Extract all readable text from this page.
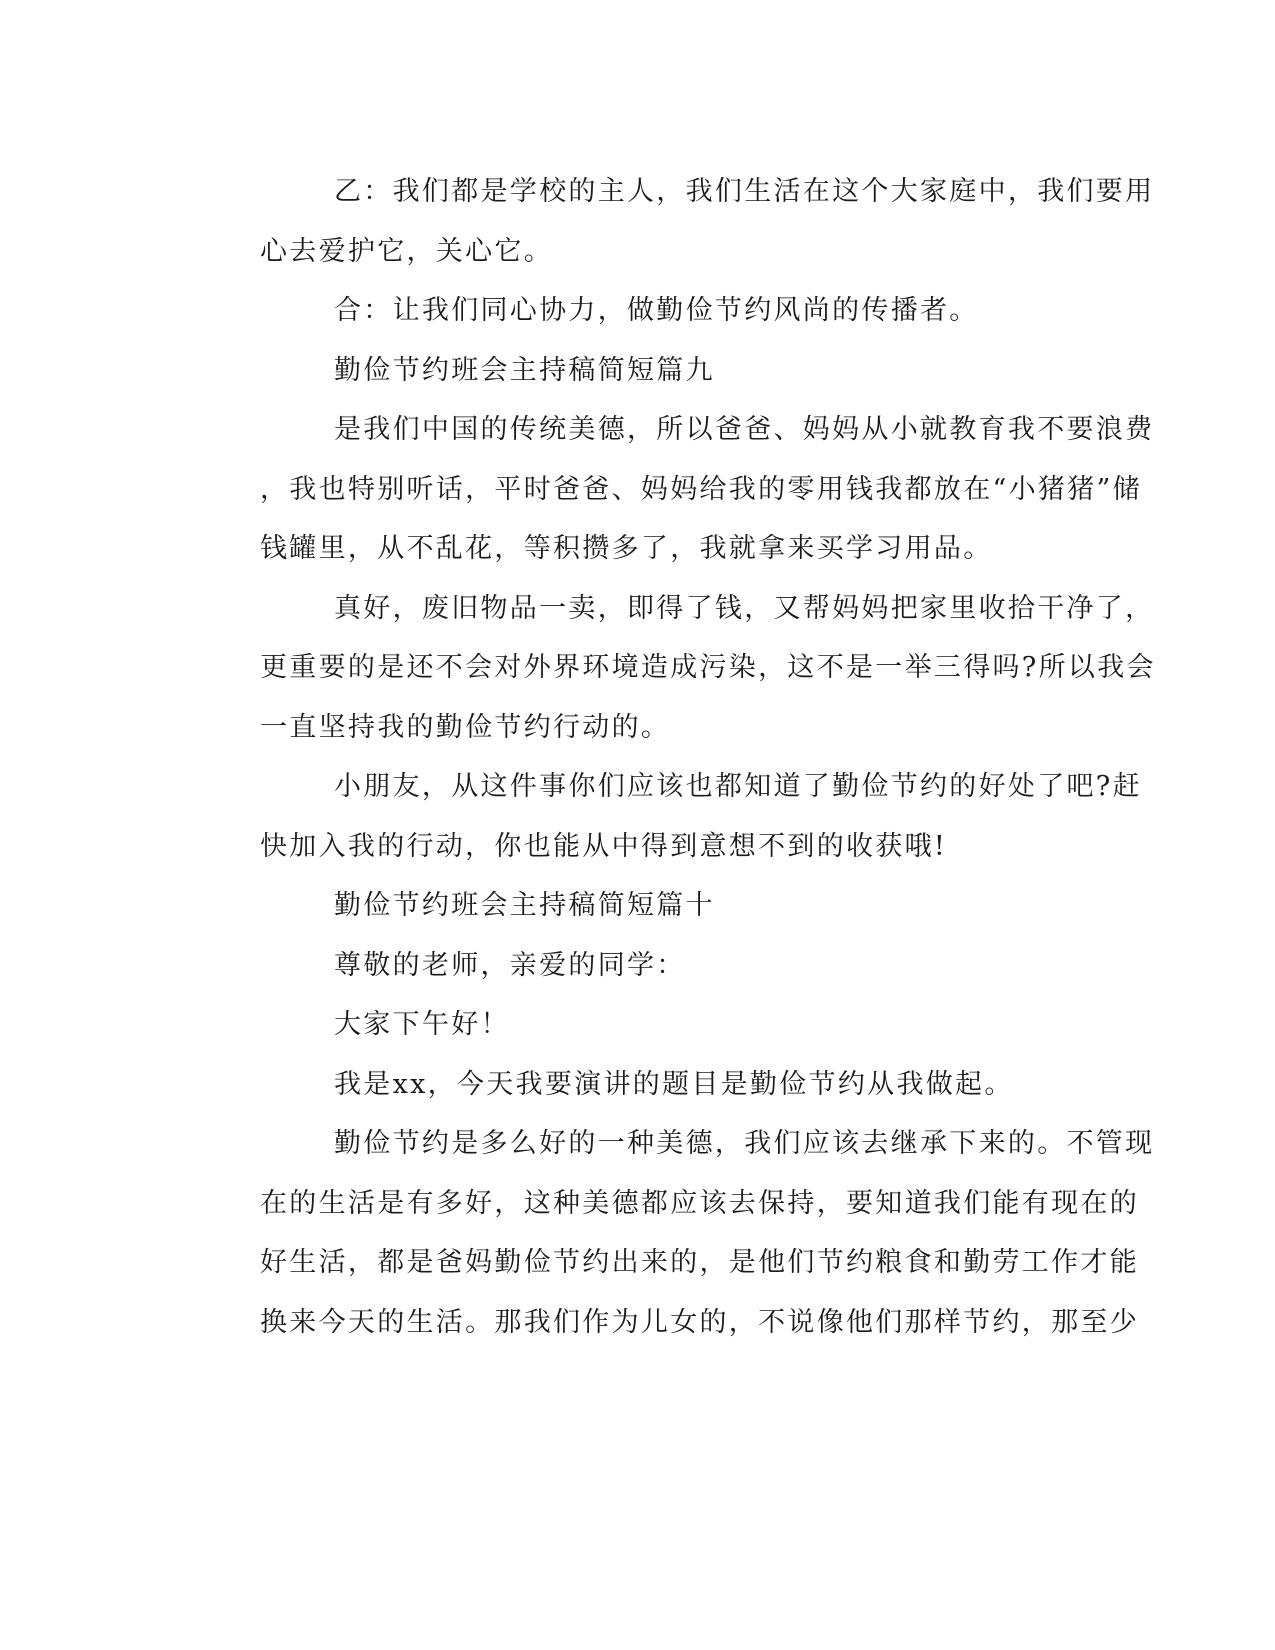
乙：我们都是学校的主人，我们生活在这个大家庭中，我们要用
心去爱护它，关心它。
合：让我们同心协力，做勤俭节约风尚的传播者。
勤俭节约班会主持稿简短篇九
是我们中国的传统美德，所以爸爸、妈妈从小就教育我不要浪费
，我也特别听话，平时爸爸、妈妈给我的零用钱我都放在“小猪猪”储
钱罐里，从不乱花，等积攒多了，我就拿来买学习用品。
真好，废旧物品一卖，即得了钱，又帮妈妈把家里收拾干净了，
更重要的是还不会对外界环境造成污染，这不是一举三得吗?所以我会
一直坚持我的勤俭节约行动的。
小朋友，从这件事你们应该也都知道了勤俭节约的好处了吧?赶
快加入我的行动，你也能从中得到意想不到的收获哦!
勤俭节约班会主持稿简短篇十
尊敬的老师，亲爱的同学：
大家下午好！
我是xx，今天我要演讲的题目是勤俭节约从我做起。
勤俭节约是多么好的一种美德，我们应该去继承下来的。不管现
在的生活是有多好，这种美德都应该去保持，要知道我们能有现在的
好生活，都是爸妈勤俭节约出来的，是他们节约粮食和勤劳工作才能
换来今天的生活。那我们作为儿女的，不说像他们那样节约，那至少
